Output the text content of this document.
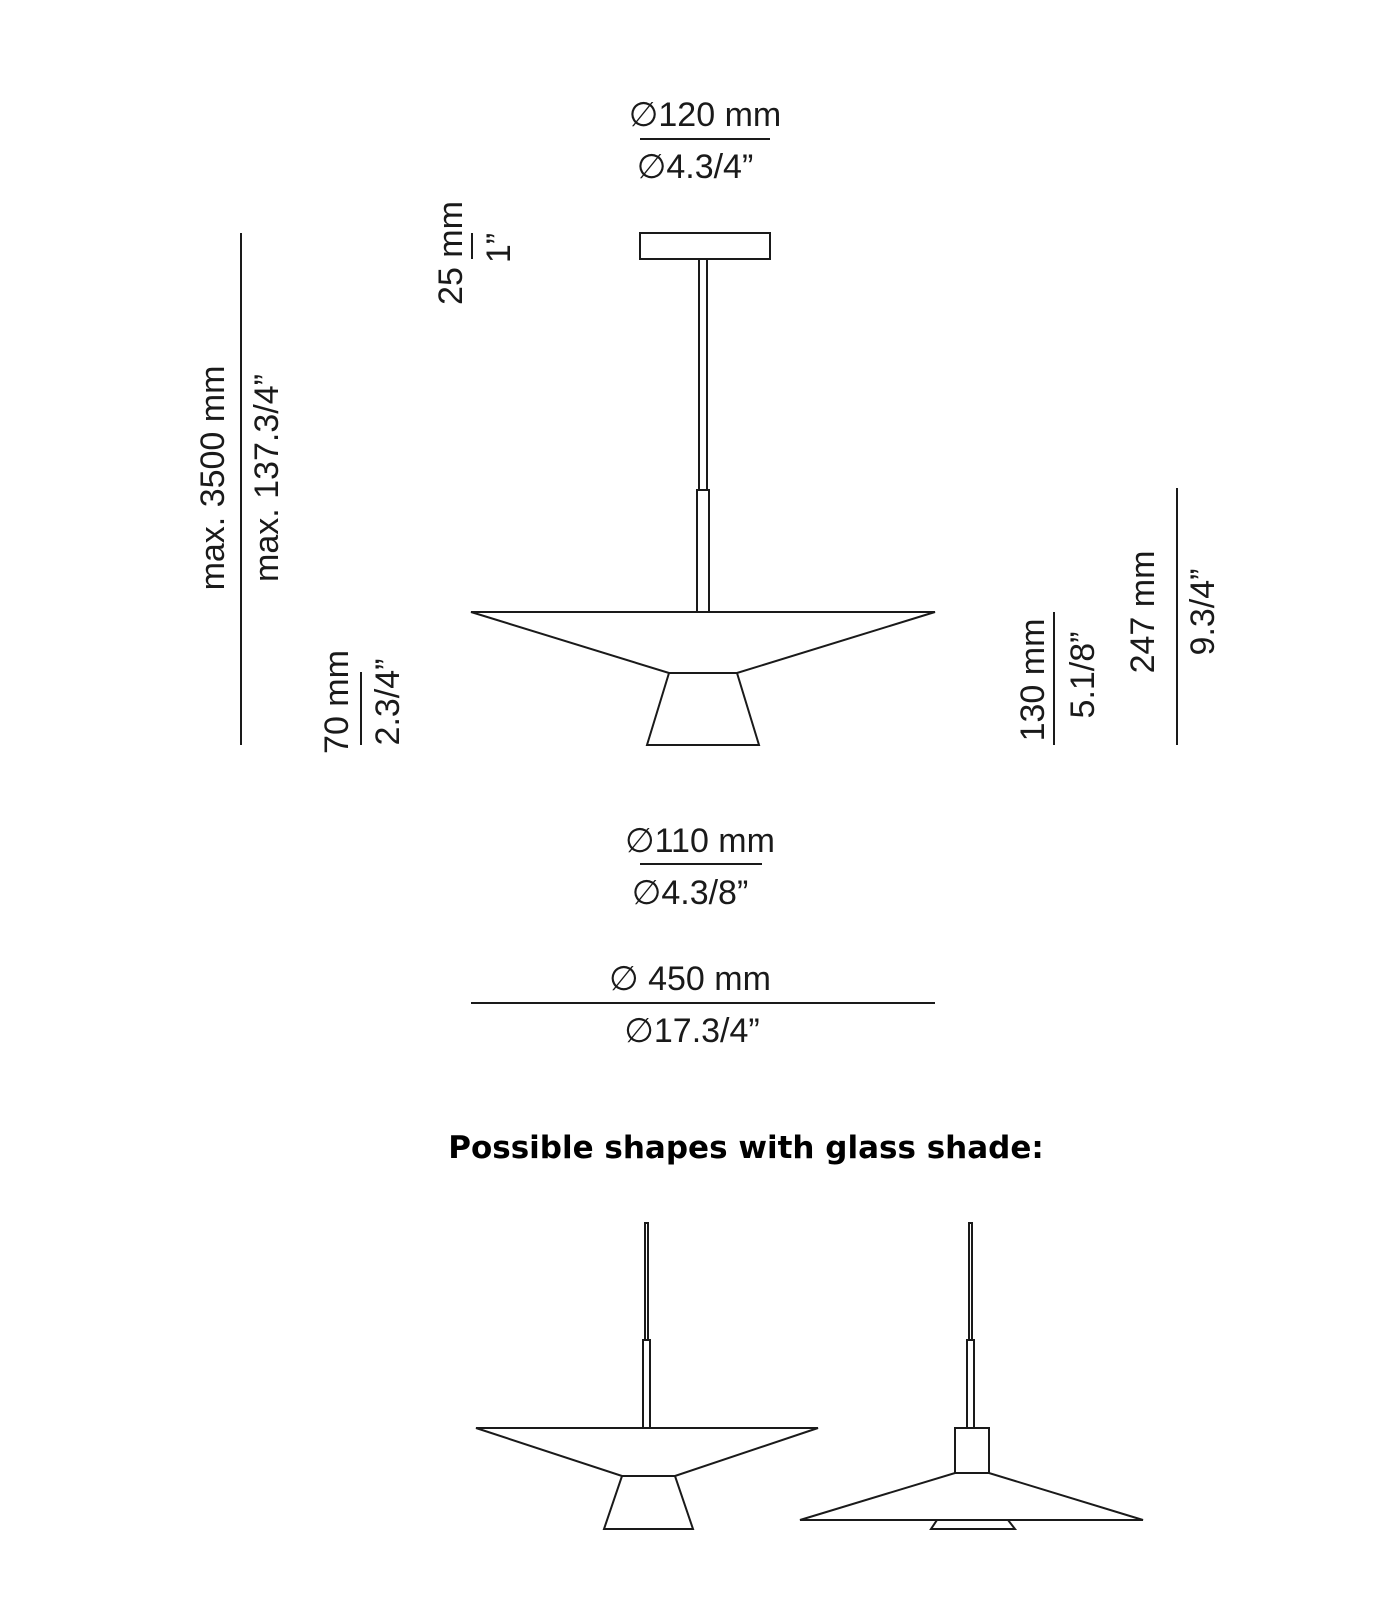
∅120 mm
∅4.3/4”
25 mm 1”
max. 3500 mm max. 137.3/4”
70 mm 2.3/4”	130 mm 5.1/8”
247 mm 9.3/4”
∅110 mm
∅4.3/8”
∅ 450 mm
∅17.3/4”
Possible shapes with glass shade:
